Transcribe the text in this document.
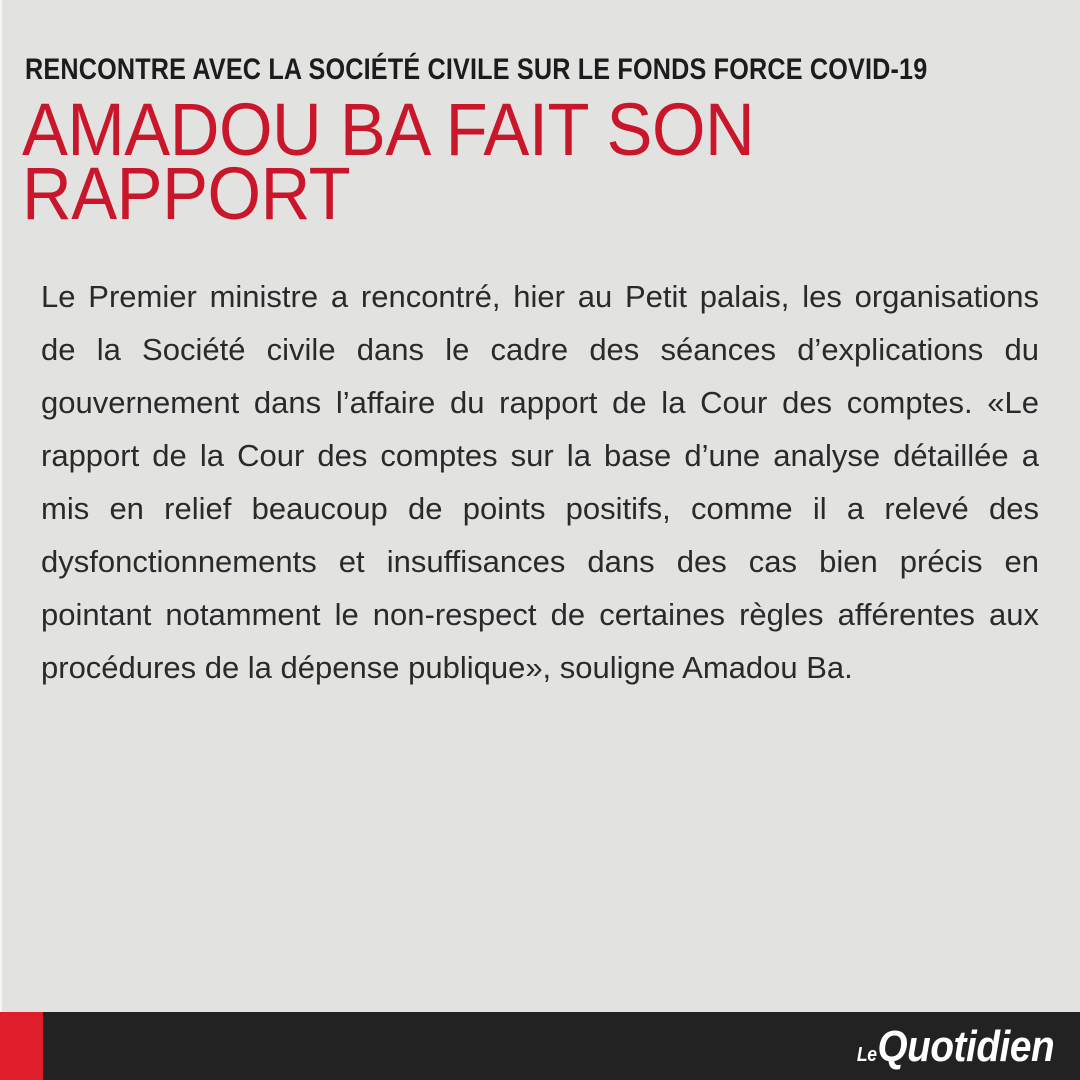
RENCONTRE AVEC LA SOCIÉTÉ CIVILE SUR LE FONDS FORCE COVID-19
AMADOU BA FAIT SON
RAPPORT

Le Premier ministre a rencontré, hier au Petit palais, les organisations de la Société civile dans le cadre des séances d’explications du gouvernement dans l’affaire du rapport de la Cour des comptes. «Le rapport de la Cour des comptes sur la base d’une analyse détaillée a mis en relief beaucoup de points positifs, comme il a relevé des dysfonctionnements et insuffisances dans des cas bien précis en pointant notamment le non-respect de certaines règles afférentes aux procédures de la dépense publique», souligne Amadou Ba.

LeQuotidien
